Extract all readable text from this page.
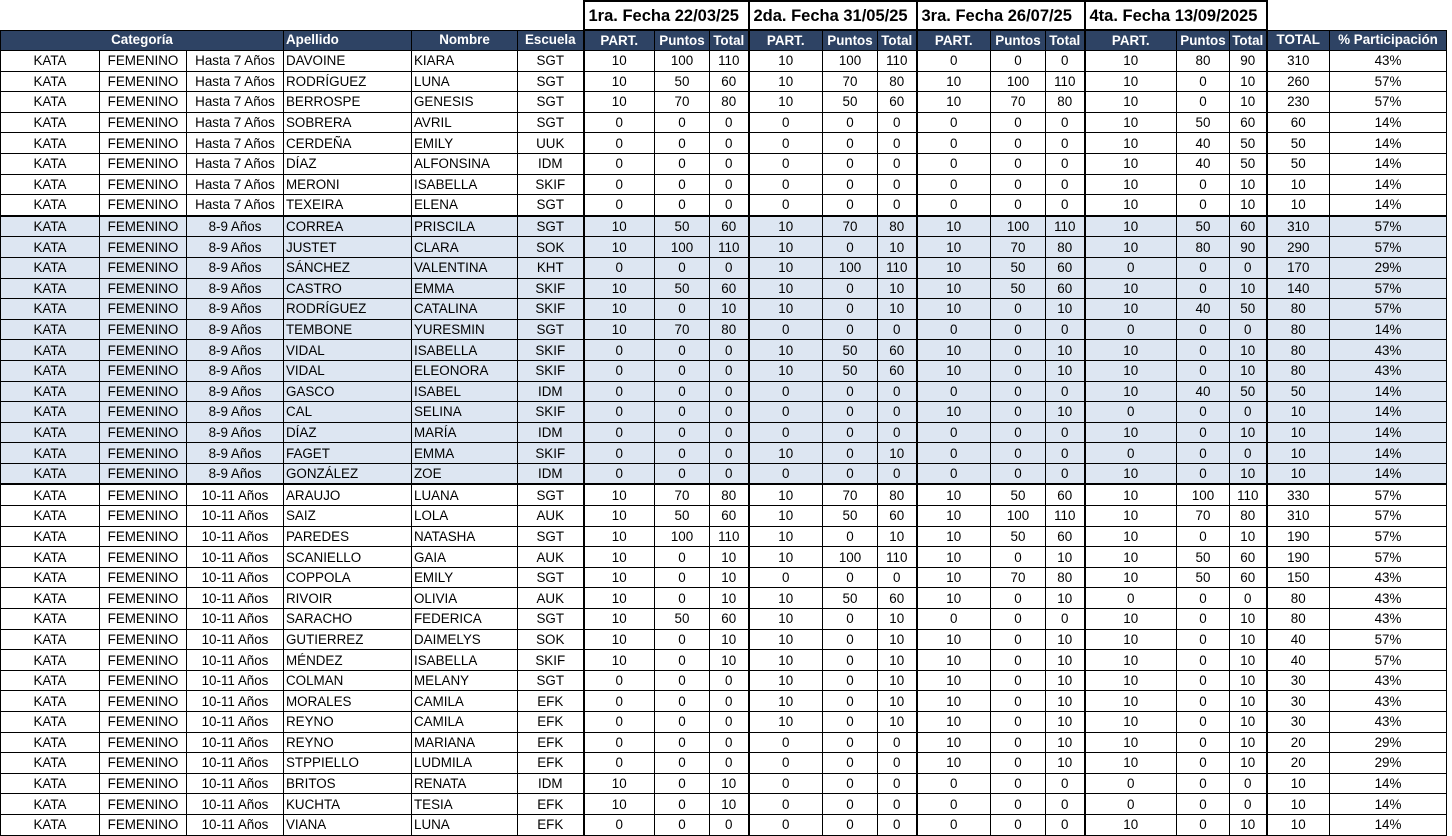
						1ra. Fecha 22/03/25			2da. Fecha 31/05/25			3ra. Fecha 26/07/25			4ta. Fecha 13/09/2025				
Categoría			Apellido	Nombre	Escuela	PART.	Puntos	Total	PART.	Puntos	Total	PART.	Puntos	Total	PART.	Puntos	Total	TOTAL	% Participación
KATA	FEMENINO	Hasta 7 Años	DAVOINE	KIARA	SGT	10	100	110	10	100	110	0	0	0	10	80	90	310	43%
KATA	FEMENINO	Hasta 7 Años	RODRÍGUEZ	LUNA	SGT	10	50	60	10	70	80	10	100	110	10	0	10	260	57%
KATA	FEMENINO	Hasta 7 Años	BERROSPE	GENESIS	SGT	10	70	80	10	50	60	10	70	80	10	0	10	230	57%
KATA	FEMENINO	Hasta 7 Años	SOBRERA	AVRIL	SGT	0	0	0	0	0	0	0	0	0	10	50	60	60	14%
KATA	FEMENINO	Hasta 7 Años	CERDEÑA	EMILY	UUK	0	0	0	0	0	0	0	0	0	10	40	50	50	14%
KATA	FEMENINO	Hasta 7 Años	DÍAZ	ALFONSINA	IDM	0	0	0	0	0	0	0	0	0	10	40	50	50	14%
KATA	FEMENINO	Hasta 7 Años	MERONI	ISABELLA	SKIF	0	0	0	0	0	0	0	0	0	10	0	10	10	14%
KATA	FEMENINO	Hasta 7 Años	TEXEIRA	ELENA	SGT	0	0	0	0	0	0	0	0	0	10	0	10	10	14%
KATA	FEMENINO	8-9 Años	CORREA	PRISCILA	SGT	10	50	60	10	70	80	10	100	110	10	50	60	310	57%
KATA	FEMENINO	8-9 Años	JUSTET	CLARA	SOK	10	100	110	10	0	10	10	70	80	10	80	90	290	57%
KATA	FEMENINO	8-9 Años	SÁNCHEZ	VALENTINA	KHT	0	0	0	10	100	110	10	50	60	0	0	0	170	29%
KATA	FEMENINO	8-9 Años	CASTRO	EMMA	SKIF	10	50	60	10	0	10	10	50	60	10	0	10	140	57%
KATA	FEMENINO	8-9 Años	RODRÍGUEZ	CATALINA	SKIF	10	0	10	10	0	10	10	0	10	10	40	50	80	57%
KATA	FEMENINO	8-9 Años	TEMBONE	YURESMIN	SGT	10	70	80	0	0	0	0	0	0	0	0	0	80	14%
KATA	FEMENINO	8-9 Años	VIDAL	ISABELLA	SKIF	0	0	0	10	50	60	10	0	10	10	0	10	80	43%
KATA	FEMENINO	8-9 Años	VIDAL	ELEONORA	SKIF	0	0	0	10	50	60	10	0	10	10	0	10	80	43%
KATA	FEMENINO	8-9 Años	GASCO	ISABEL	IDM	0	0	0	0	0	0	0	0	0	10	40	50	50	14%
KATA	FEMENINO	8-9 Años	CAL	SELINA	SKIF	0	0	0	0	0	0	10	0	10	0	0	0	10	14%
KATA	FEMENINO	8-9 Años	DÍAZ	MARÍA	IDM	0	0	0	0	0	0	0	0	0	10	0	10	10	14%
KATA	FEMENINO	8-9 Años	FAGET	EMMA	SKIF	0	0	0	10	0	10	0	0	0	0	0	0	10	14%
KATA	FEMENINO	8-9 Años	GONZÁLEZ	ZOE	IDM	0	0	0	0	0	0	0	0	0	10	0	10	10	14%
KATA	FEMENINO	10-11 Años	ARAUJO	LUANA	SGT	10	70	80	10	70	80	10	50	60	10	100	110	330	57%
KATA	FEMENINO	10-11 Años	SAIZ	LOLA	AUK	10	50	60	10	50	60	10	100	110	10	70	80	310	57%
KATA	FEMENINO	10-11 Años	PAREDES	NATASHA	SGT	10	100	110	10	0	10	10	50	60	10	0	10	190	57%
KATA	FEMENINO	10-11 Años	SCANIELLO	GAIA	AUK	10	0	10	10	100	110	10	0	10	10	50	60	190	57%
KATA	FEMENINO	10-11 Años	COPPOLA	EMILY	SGT	10	0	10	0	0	0	10	70	80	10	50	60	150	43%
KATA	FEMENINO	10-11 Años	RIVOIR	OLIVIA	AUK	10	0	10	10	50	60	10	0	10	0	0	0	80	43%
KATA	FEMENINO	10-11 Años	SARACHO	FEDERICA	SGT	10	50	60	10	0	10	0	0	0	10	0	10	80	43%
KATA	FEMENINO	10-11 Años	GUTIERREZ	DAIMELYS	SOK	10	0	10	10	0	10	10	0	10	10	0	10	40	57%
KATA	FEMENINO	10-11 Años	MÉNDEZ	ISABELLA	SKIF	10	0	10	10	0	10	10	0	10	10	0	10	40	57%
KATA	FEMENINO	10-11 Años	COLMAN	MELANY	SGT	0	0	0	10	0	10	10	0	10	10	0	10	30	43%
KATA	FEMENINO	10-11 Años	MORALES	CAMILA	EFK	0	0	0	10	0	10	10	0	10	10	0	10	30	43%
KATA	FEMENINO	10-11 Años	REYNO	CAMILA	EFK	0	0	0	10	0	10	10	0	10	10	0	10	30	43%
KATA	FEMENINO	10-11 Años	REYNO	MARIANA	EFK	0	0	0	0	0	0	10	0	10	10	0	10	20	29%
KATA	FEMENINO	10-11 Años	STPPIELLO	LUDMILA	EFK	0	0	0	0	0	0	10	0	10	10	0	10	20	29%
KATA	FEMENINO	10-11 Años	BRITOS	RENATA	IDM	10	0	10	0	0	0	0	0	0	0	0	0	10	14%
KATA	FEMENINO	10-11 Años	KUCHTA	TESIA	EFK	10	0	10	0	0	0	0	0	0	0	0	0	10	14%
KATA	FEMENINO	10-11 Años	VIANA	LUNA	EFK	0	0	0	0	0	0	0	0	0	10	0	10	10	14%
